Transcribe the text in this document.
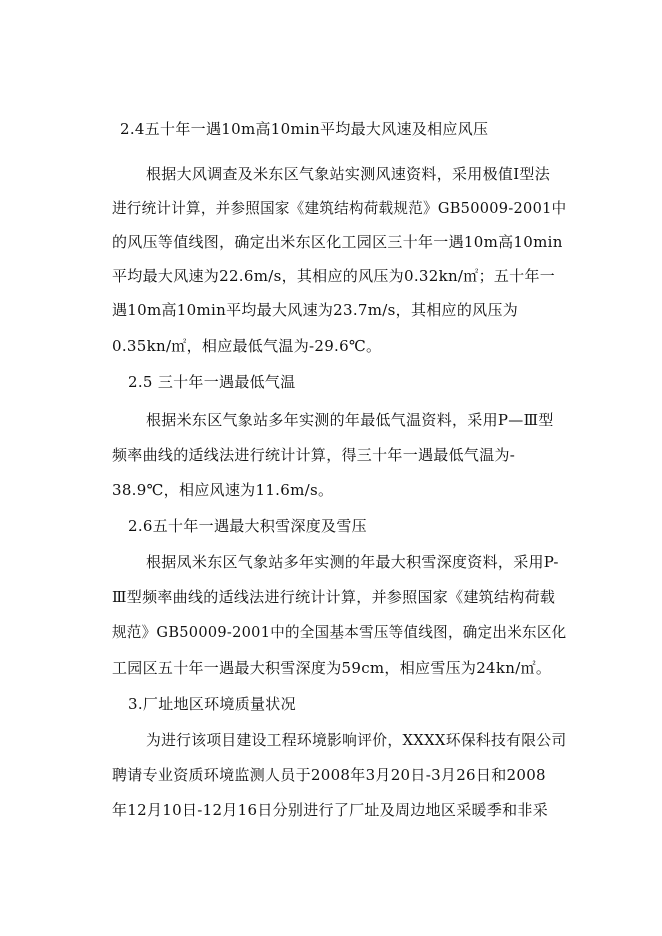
2.4五十年一遇10m高10min平均最大风速及相应风压
根据大风调查及米东区气象站实测风速资料，采用极值Ⅰ型法
进行统计计算，并参照国家《建筑结构荷载规范》GB50009-2001中
的风压等值线图，确定出米东区化工园区三十年一遇10m高10min
平均最大风速为22.6m/s，其相应的风压为0.32kn/㎡；五十年一
遇10m高10min平均最大风速为23.7m/s，其相应的风压为
0.35kn/㎡，相应最低气温为-29.6℃。
2.5 三十年一遇最低气温
根据米东区气象站多年实测的年最低气温资料，采用P—Ⅲ型
频率曲线的适线法进行统计计算，得三十年一遇最低气温为-
38.9℃，相应风速为11.6m/s。
2.6五十年一遇最大积雪深度及雪压
根据凤米东区气象站多年实测的年最大积雪深度资料，采用P-
Ⅲ型频率曲线的适线法进行统计计算，并参照国家《建筑结构荷载
规范》GB50009-2001中的全国基本雪压等值线图，确定出米东区化
工园区五十年一遇最大积雪深度为59cm，相应雪压为24kn/㎡。
3.厂址地区环境质量状况
为进行该项目建设工程环境影响评价，XXXX环保科技有限公司
聘请专业资质环境监测人员于2008年3月20日-3月26日和2008
年12月10日-12月16日分别进行了厂址及周边地区采暖季和非采
